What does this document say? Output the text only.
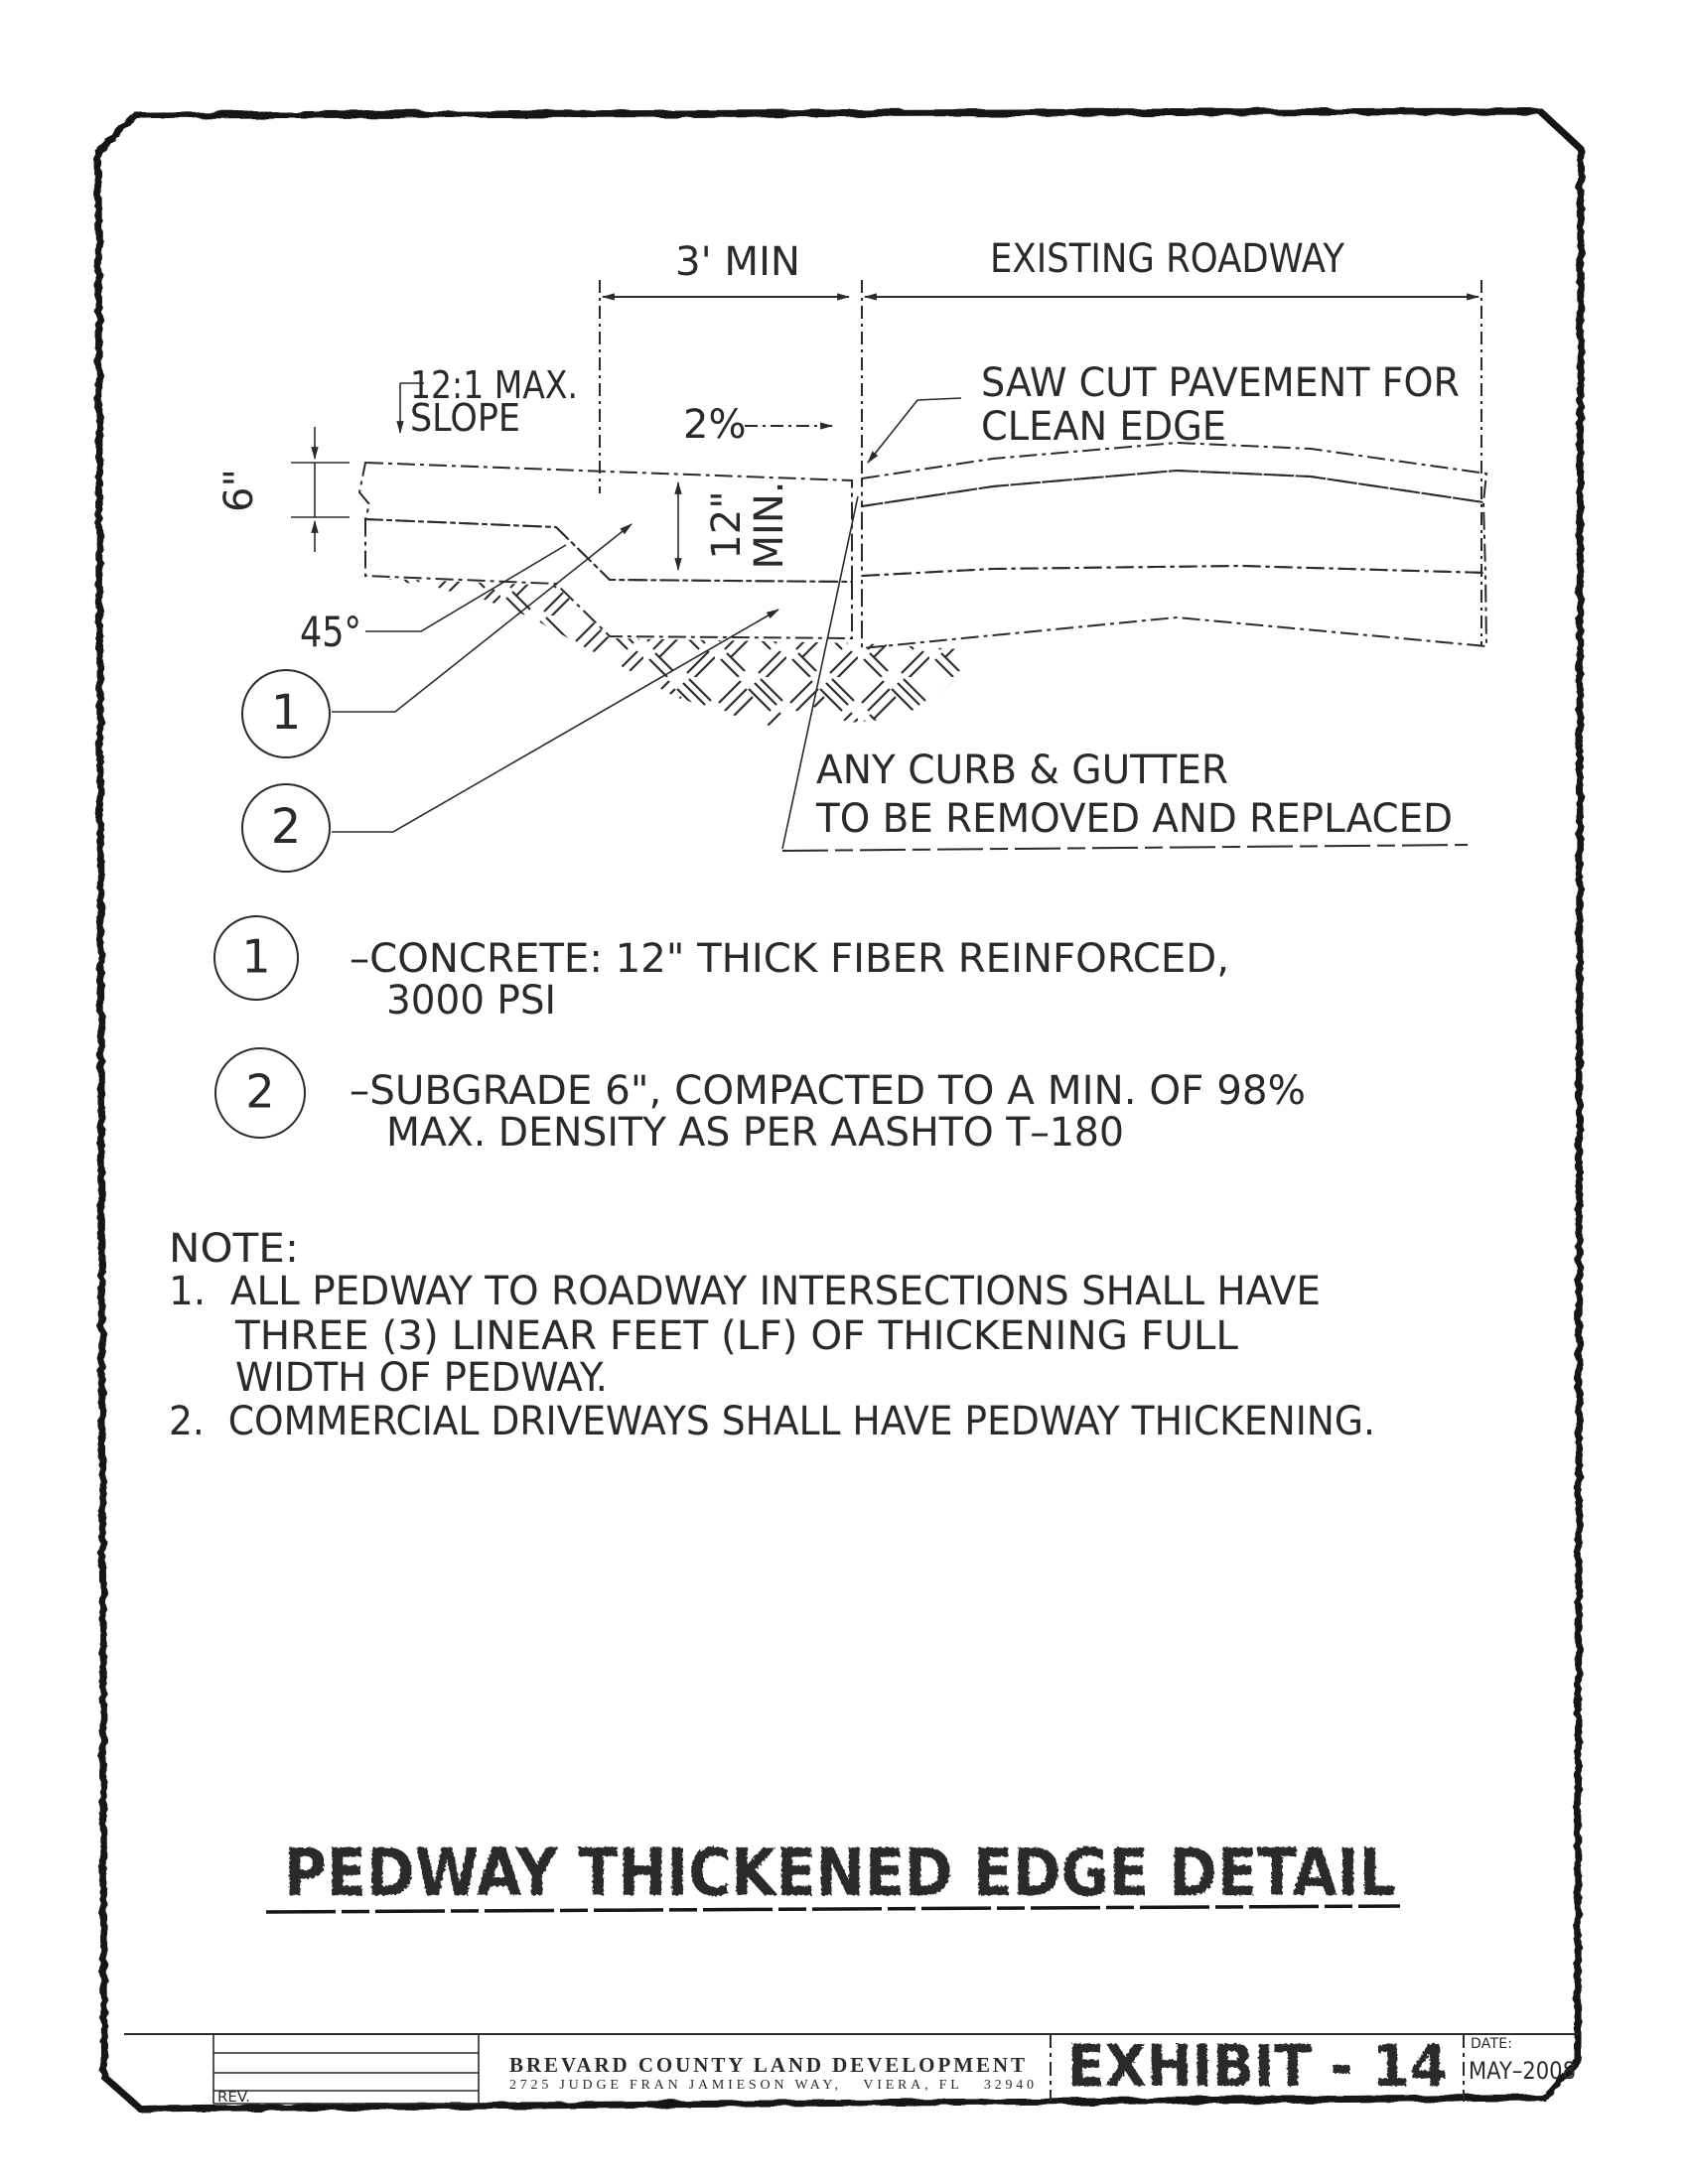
3' MIN	EXISTING ROADWAY
12:1 MAX.
SLOPE	2%
SAW CUT PAVEMENT FOR
CLEAN EDGE
6"
12"
MIN.
45°
ANY CURB & GUTTER
TO BE REMOVED AND REPLACED
1
2
1 –CONCRETE: 12" THICK FIBER REINFORCED,
3000 PSI
2 –SUBGRADE 6", COMPACTED TO A MIN. OF 98%
MAX. DENSITY AS PER AASHTO T–180
NOTE:
1.  ALL PEDWAY TO ROADWAY INTERSECTIONS SHALL HAVE
THREE (3) LINEAR FEET (LF) OF THICKENING FULL
WIDTH OF PEDWAY.
2.  COMMERCIAL DRIVEWAYS SHALL HAVE PEDWAY THICKENING.
PEDWAY THICKENED EDGE DETAIL
REV.
BREVARD COUNTY LAND DEVELOPMENT
2725 JUDGE FRAN JAMIESON WAY,   VIERA, FL   32940 EXHIBIT - 14 DATE:
MAY–2008
